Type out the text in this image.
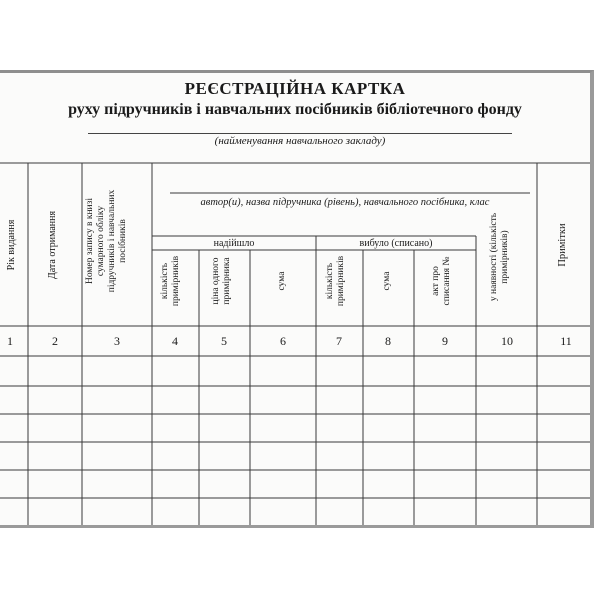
РЕЄСТРАЦІЙНА КАРТКА
руху підручників і навчальних посібників бібліотечного фонду
(найменування навчального закладу)
автор(и), назва підручника (рівень), навчального посібника, клас
надійшло	вибуло (списано)
Рік видання	Дата отримання	Номер запису в книзі сумарного обліку підручників і навчальних посібників
кількість примірників	ціна одного примірника	сума	кількість примірників	сума	акт про списання №	у наявності (кількість примірників)	Примітки
1	2	3	4	5	6	7	8	9	10	11
